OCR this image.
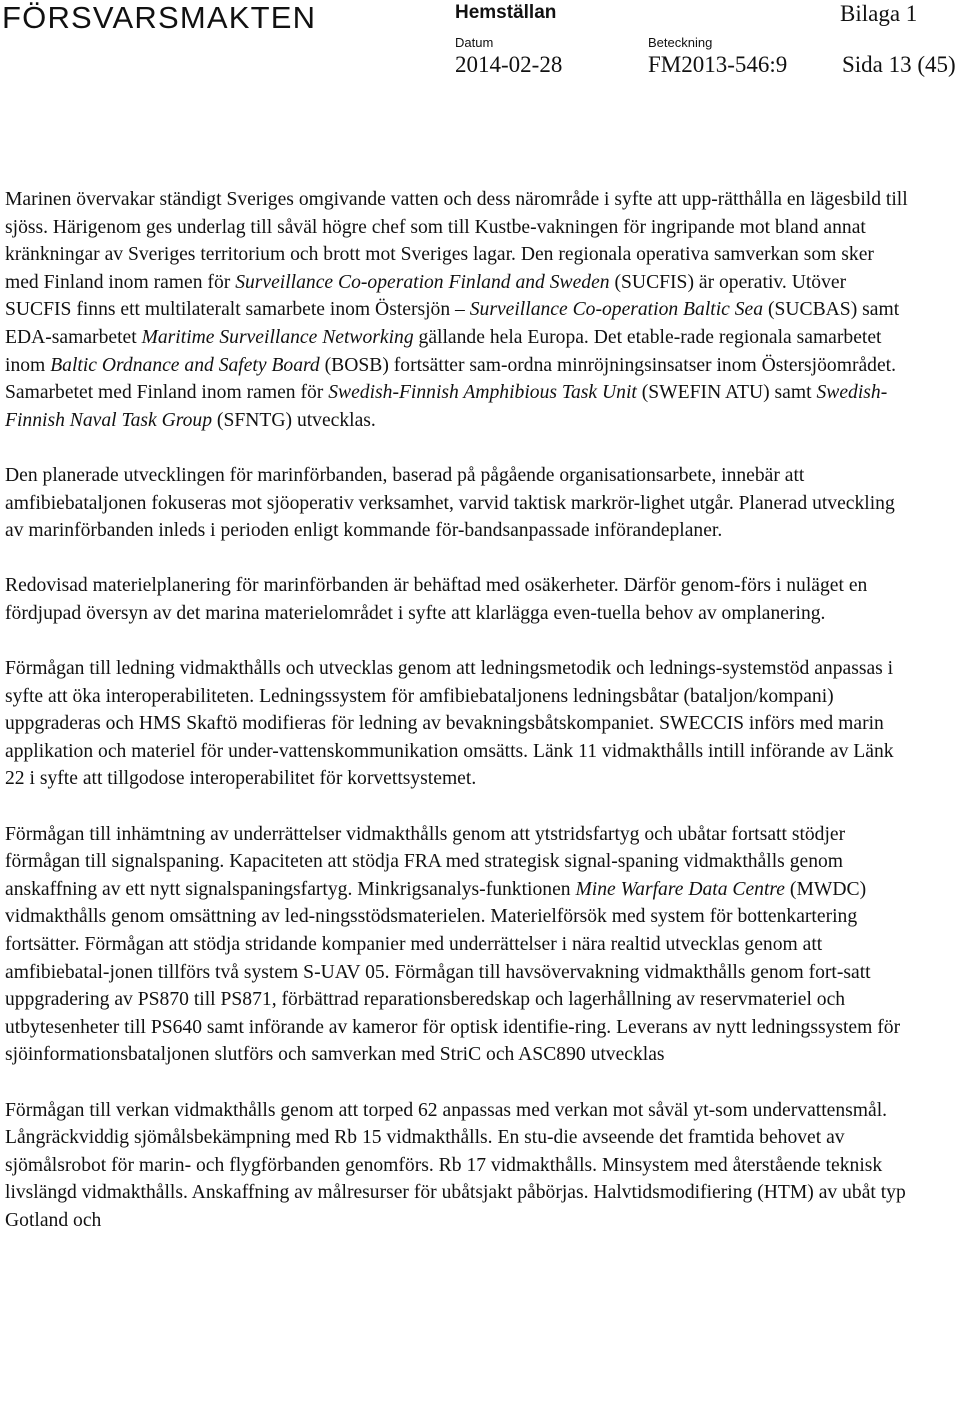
FÖRSVARSMAKTEN	Hemställan	Bilaga 1
Datum	Beteckning
2014-02-28	FM2013-546:9 Sida 13 (45)

Marinen övervakar ständigt Sveriges omgivande vatten och dess närområde i syfte att upp-rätthålla en lägesbild till sjöss. Härigenom ges underlag till såväl högre chef som till Kustbe-vakningen för ingripande mot bland annat kränkningar av Sveriges territorium och brott mot Sveriges lagar. Den regionala operativa samverkan som sker med Finland inom ramen för Surveillance Co-operation Finland and Sweden (SUCFIS) är operativ. Utöver SUCFIS finns ett multilateralt samarbete inom Östersjön – Surveillance Co-operation Baltic Sea (SUCBAS) samt EDA-samarbetet Maritime Surveillance Networking gällande hela Europa. Det etable-rade regionala samarbetet inom Baltic Ordnance and Safety Board (BOSB) fortsätter sam-ordna minröjningsinsatser inom Östersjöområdet. Samarbetet med Finland inom ramen för Swedish-Finnish Amphibious Task Unit (SWEFIN ATU) samt Swedish-Finnish Naval Task Group (SFNTG) utvecklas.

Den planerade utvecklingen för marinförbanden, baserad på pågående organisationsarbete, innebär att amfibiebataljonen fokuseras mot sjöoperativ verksamhet, varvid taktisk markrör-lighet utgår. Planerad utveckling av marinförbanden inleds i perioden enligt kommande för-bandsanpassade införandeplaner.

Redovisad materielplanering för marinförbanden är behäftad med osäkerheter. Därför genom-förs i nuläget en fördjupad översyn av det marina materielområdet i syfte att klarlägga even-tuella behov av omplanering.

Förmågan till ledning vidmakthålls och utvecklas genom att ledningsmetodik och lednings-systemstöd anpassas i syfte att öka interoperabiliteten. Ledningssystem för amfibiebataljonens ledningsbåtar (bataljon/kompani) uppgraderas och HMS Skaftö modifieras för ledning av bevakningsbåtskompaniet. SWECCIS införs med marin applikation och materiel för under-vattenskommunikation omsätts. Länk 11 vidmakthålls intill införande av Länk 22 i syfte att tillgodose interoperabilitet för korvettsystemet.

Förmågan till inhämtning av underrättelser vidmakthålls genom att ytstridsfartyg och ubåtar fortsatt stödjer förmågan till signalspaning. Kapaciteten att stödja FRA med strategisk signal-spaning vidmakthålls genom anskaffning av ett nytt signalspaningsfartyg. Minkrigsanalys-funktionen Mine Warfare Data Centre (MWDC) vidmakthålls genom omsättning av led-ningsstödsmaterielen. Materielförsök med system för bottenkartering fortsätter. Förmågan att stödja stridande kompanier med underrättelser i nära realtid utvecklas genom att amfibiebatal-jonen tillförs två system S-UAV 05. Förmågan till havsövervakning vidmakthålls genom fort-satt uppgradering av PS870 till PS871, förbättrad reparationsberedskap och lagerhållning av reservmateriel och utbytesenheter till PS640 samt införande av kameror för optisk identifie-ring. Leverans av nytt ledningssystem för sjöinformationsbataljonen slutförs och samverkan med StriC och ASC890 utvecklas

Förmågan till verkan vidmakthålls genom att torped 62 anpassas med verkan mot såväl yt-som undervattensmål. Långräckviddig sjömålsbekämpning med Rb 15 vidmakthålls. En stu-die avseende det framtida behovet av sjömålsrobot för marin- och flygförbanden genomförs. Rb 17 vidmakthålls. Minsystem med återstående teknisk livslängd vidmakthålls. Anskaffning av målresurser för ubåtsjakt påbörjas. Halvtidsmodifiering (HTM) av ubåt typ Gotland och
